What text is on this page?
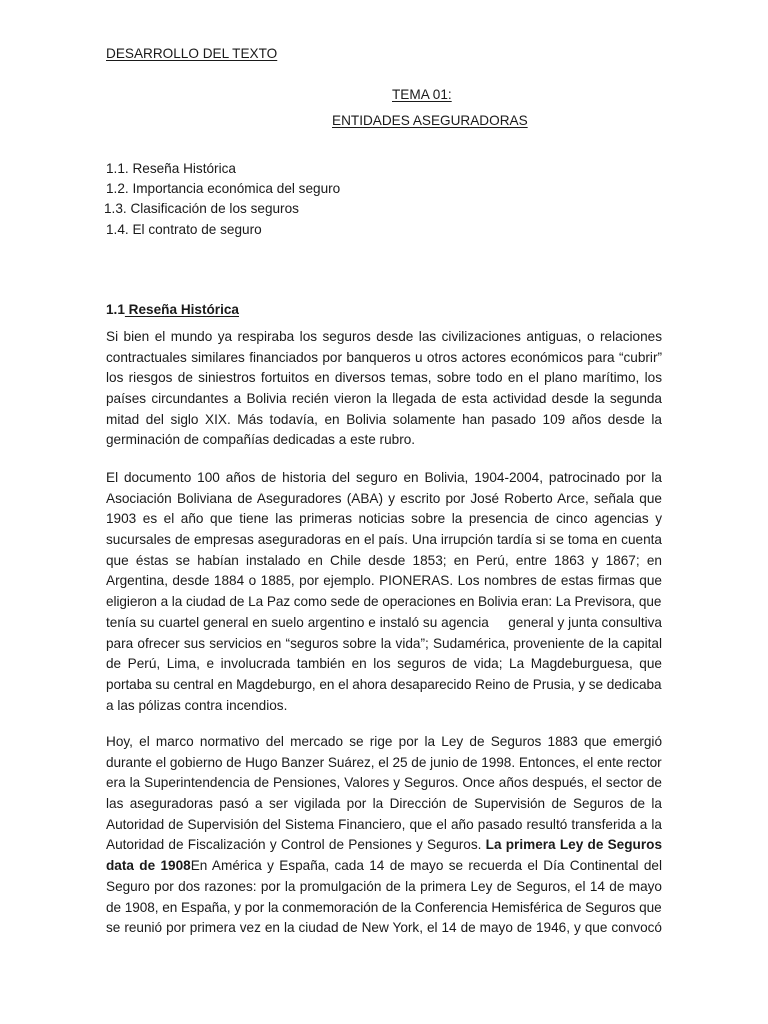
DESARROLLO DEL TEXTO
TEMA 01:
ENTIDADES ASEGURADORAS
1.1. Reseña Histórica
1.2. Importancia económica del seguro
1.3. Clasificación de los seguros
1.4. El contrato de seguro
1.1 Reseña Histórica
Si bien el mundo ya respiraba los seguros desde las civilizaciones antiguas, o relaciones
contractuales similares financiados por banqueros u otros actores económicos para “cubrir”
los riesgos de siniestros fortuitos en diversos temas, sobre todo en el plano marítimo, los
países circundantes a Bolivia recién vieron la llegada de esta actividad desde la segunda
mitad del siglo XIX. Más todavía, en Bolivia solamente han pasado 109 años desde la
germinación de compañías dedicadas a este rubro.
El documento 100 años de historia del seguro en Bolivia, 1904-2004, patrocinado por la
Asociación Boliviana de Aseguradores (ABA) y escrito por José Roberto Arce, señala que
1903 es el año que tiene las primeras noticias sobre la presencia de cinco agencias y
sucursales de empresas aseguradoras en el país. Una irrupción tardía si se toma en cuenta
que éstas se habían instalado en Chile desde 1853; en Perú, entre 1863 y 1867; en
Argentina, desde 1884 o 1885, por ejemplo. PIONERAS. Los nombres de estas firmas que
eligieron a la ciudad de La Paz como sede de operaciones en Bolivia eran: La Previsora, que
tenía su cuartel general en suelo argentino e instaló su agencia     general y junta consultiva
para ofrecer sus servicios en “seguros sobre la vida”; Sudamérica, proveniente de la capital
de Perú, Lima, e involucrada también en los seguros de vida; La Magdeburguesa, que
portaba su central en Magdeburgo, en el ahora desaparecido Reino de Prusia, y se dedicaba
a las pólizas contra incendios.
Hoy, el marco normativo del mercado se rige por la Ley de Seguros 1883 que emergió
durante el gobierno de Hugo Banzer Suárez, el 25 de junio de 1998. Entonces, el ente rector
era la Superintendencia de Pensiones, Valores y Seguros. Once años después, el sector de
las aseguradoras pasó a ser vigilada por la Dirección de Supervisión de Seguros de la
Autoridad de Supervisión del Sistema Financiero, que el año pasado resultó transferida a la
Autoridad de Fiscalización y Control de Pensiones y Seguros. La primera Ley de Seguros
data de 1908En América y España, cada 14 de mayo se recuerda el Día Continental del
Seguro por dos razones: por la promulgación de la primera Ley de Seguros, el 14 de mayo
de 1908, en España, y por la conmemoración de la Conferencia Hemisférica de Seguros que
se reunió por primera vez en la ciudad de New York, el 14 de mayo de 1946, y que convocó
